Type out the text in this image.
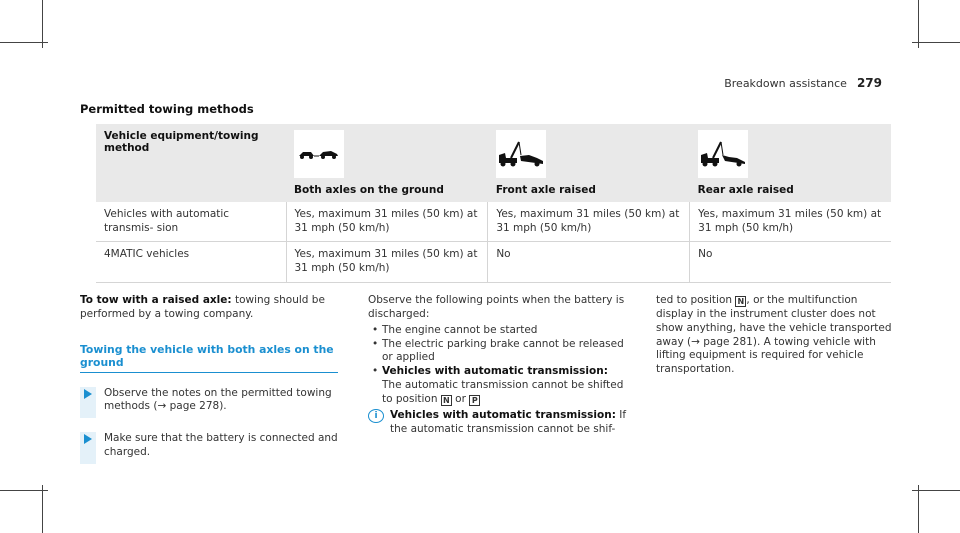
Breakdown assistance 279
Permitted towing methods
Vehicle equipment/towing method	Both axles on the ground	Front axle raised	Rear axle raised

Vehicles with automatic transmis- sion	Yes, maximum 31 miles (50 km) at 31 mph (50 km/h)	Yes, maximum 31 miles (50 km) at 31 mph (50 km/h)	Yes, maximum 31 miles (50 km) at 31 mph (50 km/h)
4MATIC vehicles	Yes, maximum 31 miles (50 km) at 31 mph (50 km/h)	No	No

To tow with a raised axle: towing should be performed by a towing company.

Towing the vehicle with both axles on the ground
Observe the notes on the permitted towing methods (→ page 278).
Make sure that the battery is connected and charged.

Observe the following points when the battery is discharged:

• The engine cannot be started
• The electric parking brake cannot be released or applied
• Vehicles with automatic transmission:
The automatic transmission cannot be shifted to position N or P
i	Vehicles with automatic transmission: If the automatic transmission cannot be shif-

ted to position N , or the multifunction display in the instrument cluster does not show anything, have the vehicle transported away (→ page 281). A towing vehicle with lifting equipment is required for vehicle transportation.
